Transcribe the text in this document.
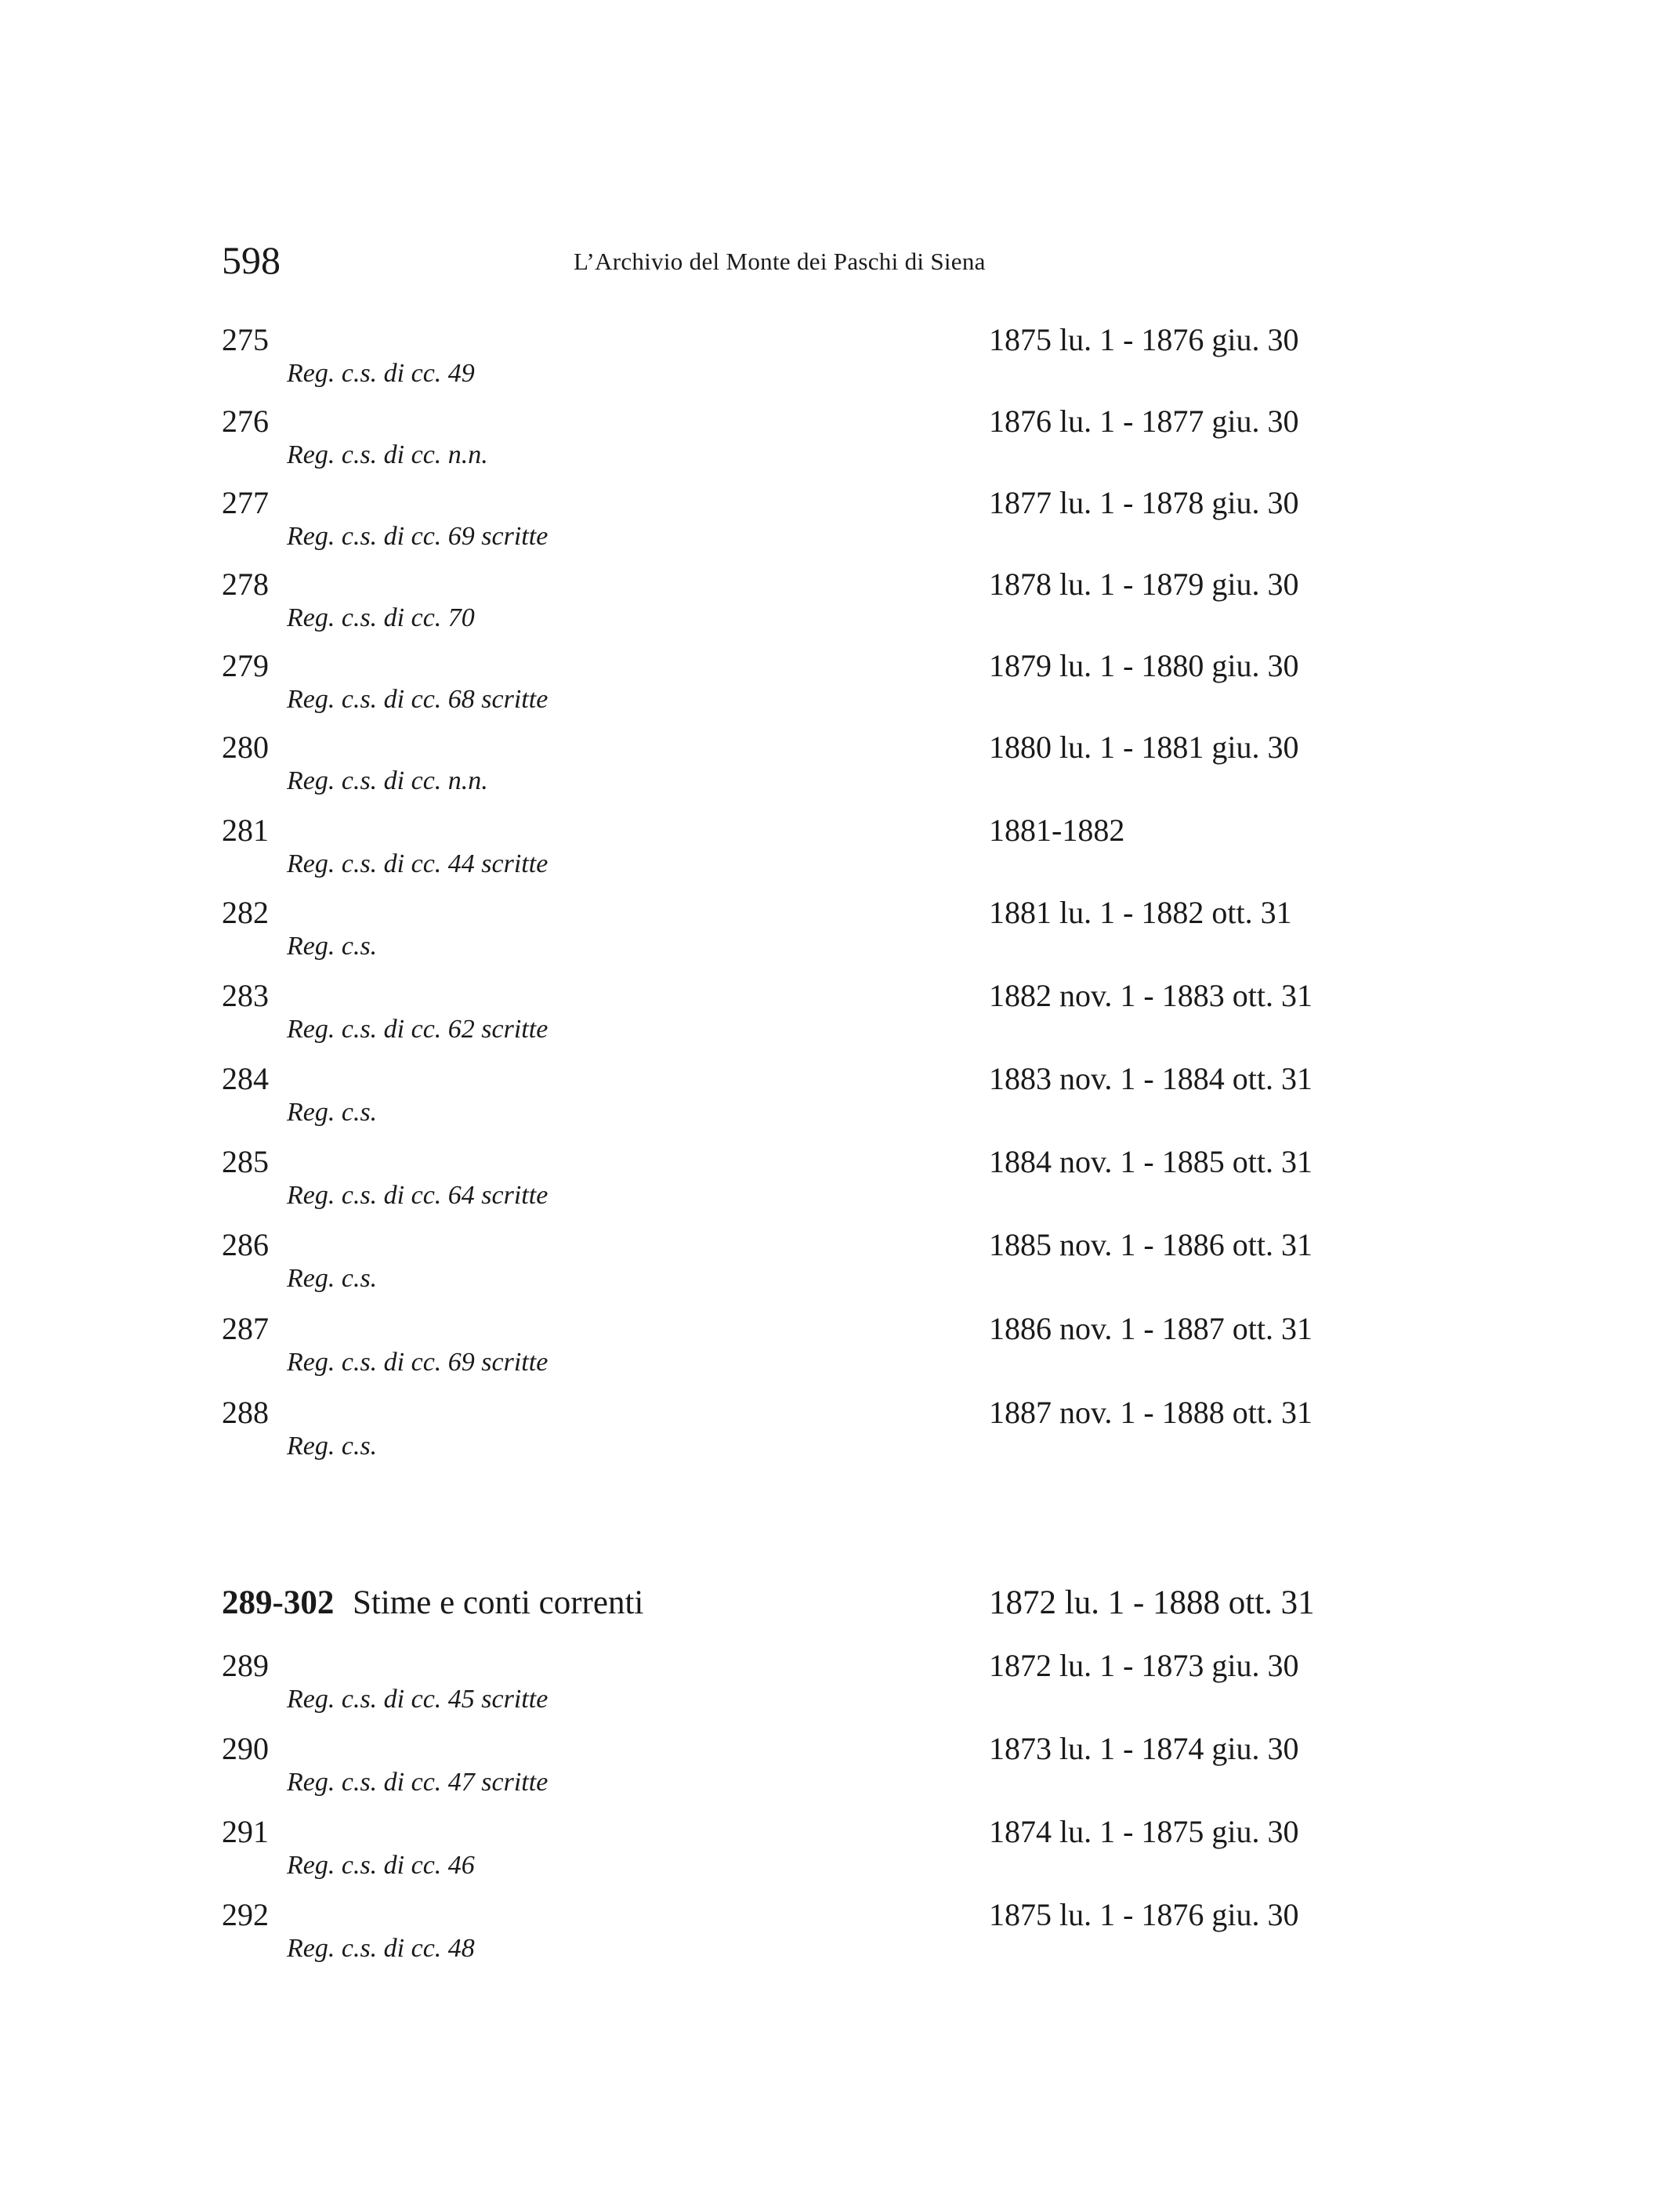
598	L’Archivio del Monte dei Paschi di Siena
275
Reg. c.s. di cc. 49
1875 lu. 1 - 1876 giu. 30
276
Reg. c.s. di cc. n.n.
1876 lu. 1 - 1877 giu. 30
277
Reg. c.s. di cc. 69 scritte
1877 lu. 1 - 1878 giu. 30
278
Reg. c.s. di cc. 70
1878 lu. 1 - 1879 giu. 30
279
Reg. c.s. di cc. 68 scritte
1879 lu. 1 - 1880 giu. 30
280
Reg. c.s. di cc. n.n.
1880 lu. 1 - 1881 giu. 30
281
Reg. c.s. di cc. 44 scritte
1881-1882
282
Reg. c.s.
1881 lu. 1 - 1882 ott. 31
283
Reg. c.s. di cc. 62 scritte
1882 nov. 1 - 1883 ott. 31
284
Reg. c.s.
1883 nov. 1 - 1884 ott. 31
285
Reg. c.s. di cc. 64 scritte
1884 nov. 1 - 1885 ott. 31
286
Reg. c.s.
1885 nov. 1 - 1886 ott. 31
287
Reg. c.s. di cc. 69 scritte
1886 nov. 1 - 1887 ott. 31
288
Reg. c.s.
1887 nov. 1 - 1888 ott. 31
289-302 Stime e conti correnti	1872 lu. 1 - 1888 ott. 31
289
Reg. c.s. di cc. 45 scritte
1872 lu. 1 - 1873 giu. 30
290
Reg. c.s. di cc. 47 scritte
1873 lu. 1 - 1874 giu. 30
291
Reg. c.s. di cc. 46
1874 lu. 1 - 1875 giu. 30
292
Reg. c.s. di cc. 48
1875 lu. 1 - 1876 giu. 30
